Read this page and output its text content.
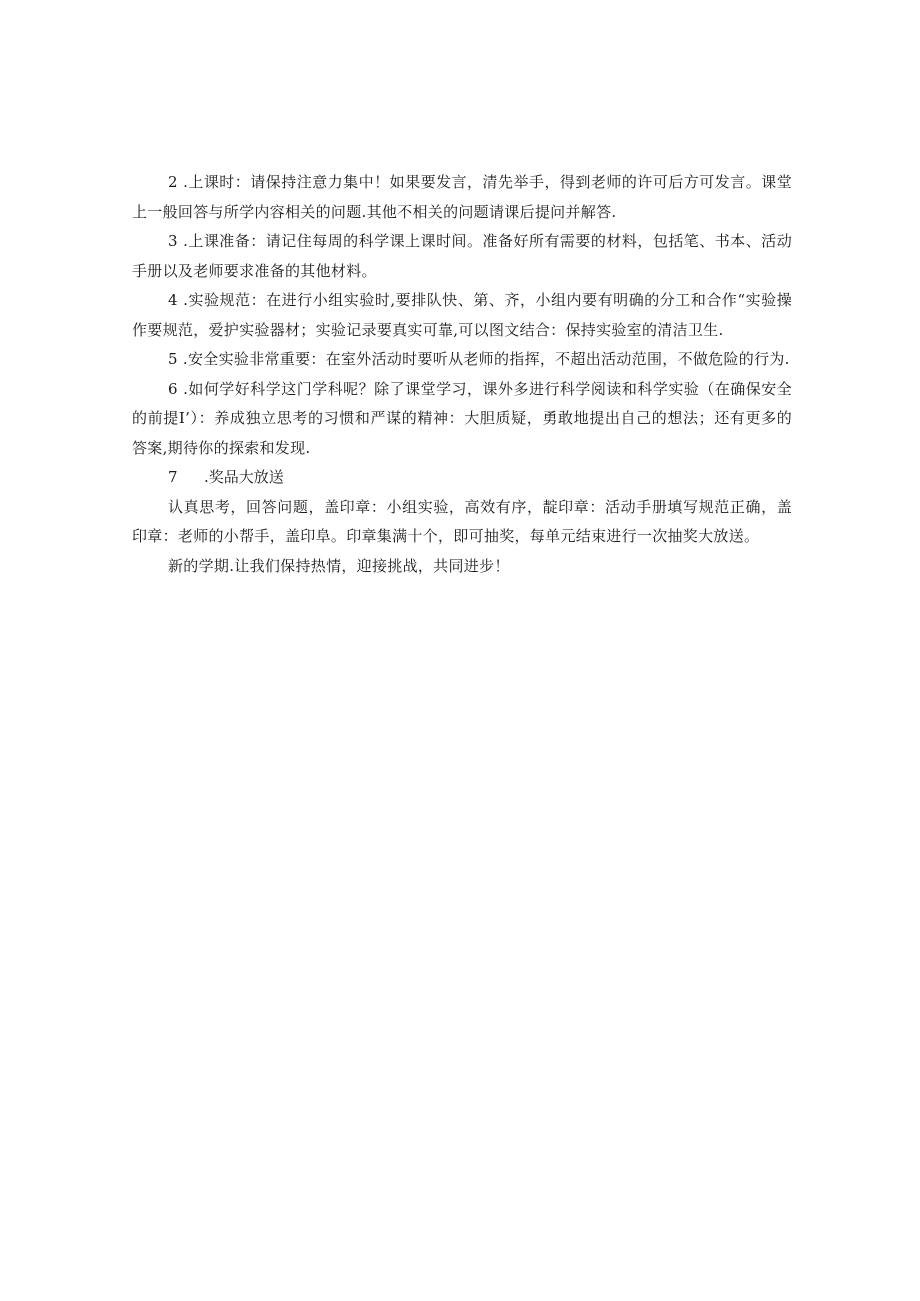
2 .上课时：请保持注意力集中！如果要发言，清先举手，得到老师的许可后方可发言。课堂上一般回答与所学内容相关的问题.其他不相关的问题请课后提问并解答.

3 .上课准备：请记住每周的科学课上课时间。准备好所有需要的材料，包括笔、书本、活动手册以及老师要求准备的其他材料。

4 .实验规范：在进行小组实验时,要排队快、第、齐，小组内要有明确的分工和合作“实验操作要规范，爱护实验器材；实验记录要真实可靠,可以图文结合：保持实验室的清洁卫生.

5 .安全实验非常重要：在室外活动时要听从老师的指挥，不超出活动范围，不做危险的行为.

6 .如何学好科学这门学科呢？除了课堂学习，课外多进行科学阅读和科学实验（在确保安全的前提I’）：养成独立思考的习惯和严谋的精神：大胆质疑，勇敢地提出自己的想法；还有更多的答案,期待你的探索和发现.

7 .奖品大放送

认真思考，回答问题，盖印章：小组实验，高效有序，靛印章：活动手册填写规范正确，盖印章：老师的小帮手，盖印阜。印章集满十个，即可抽奖，每单元结束进行一次抽奖大放送。

新的学期.让我们保持热情，迎接挑战，共同进步！
